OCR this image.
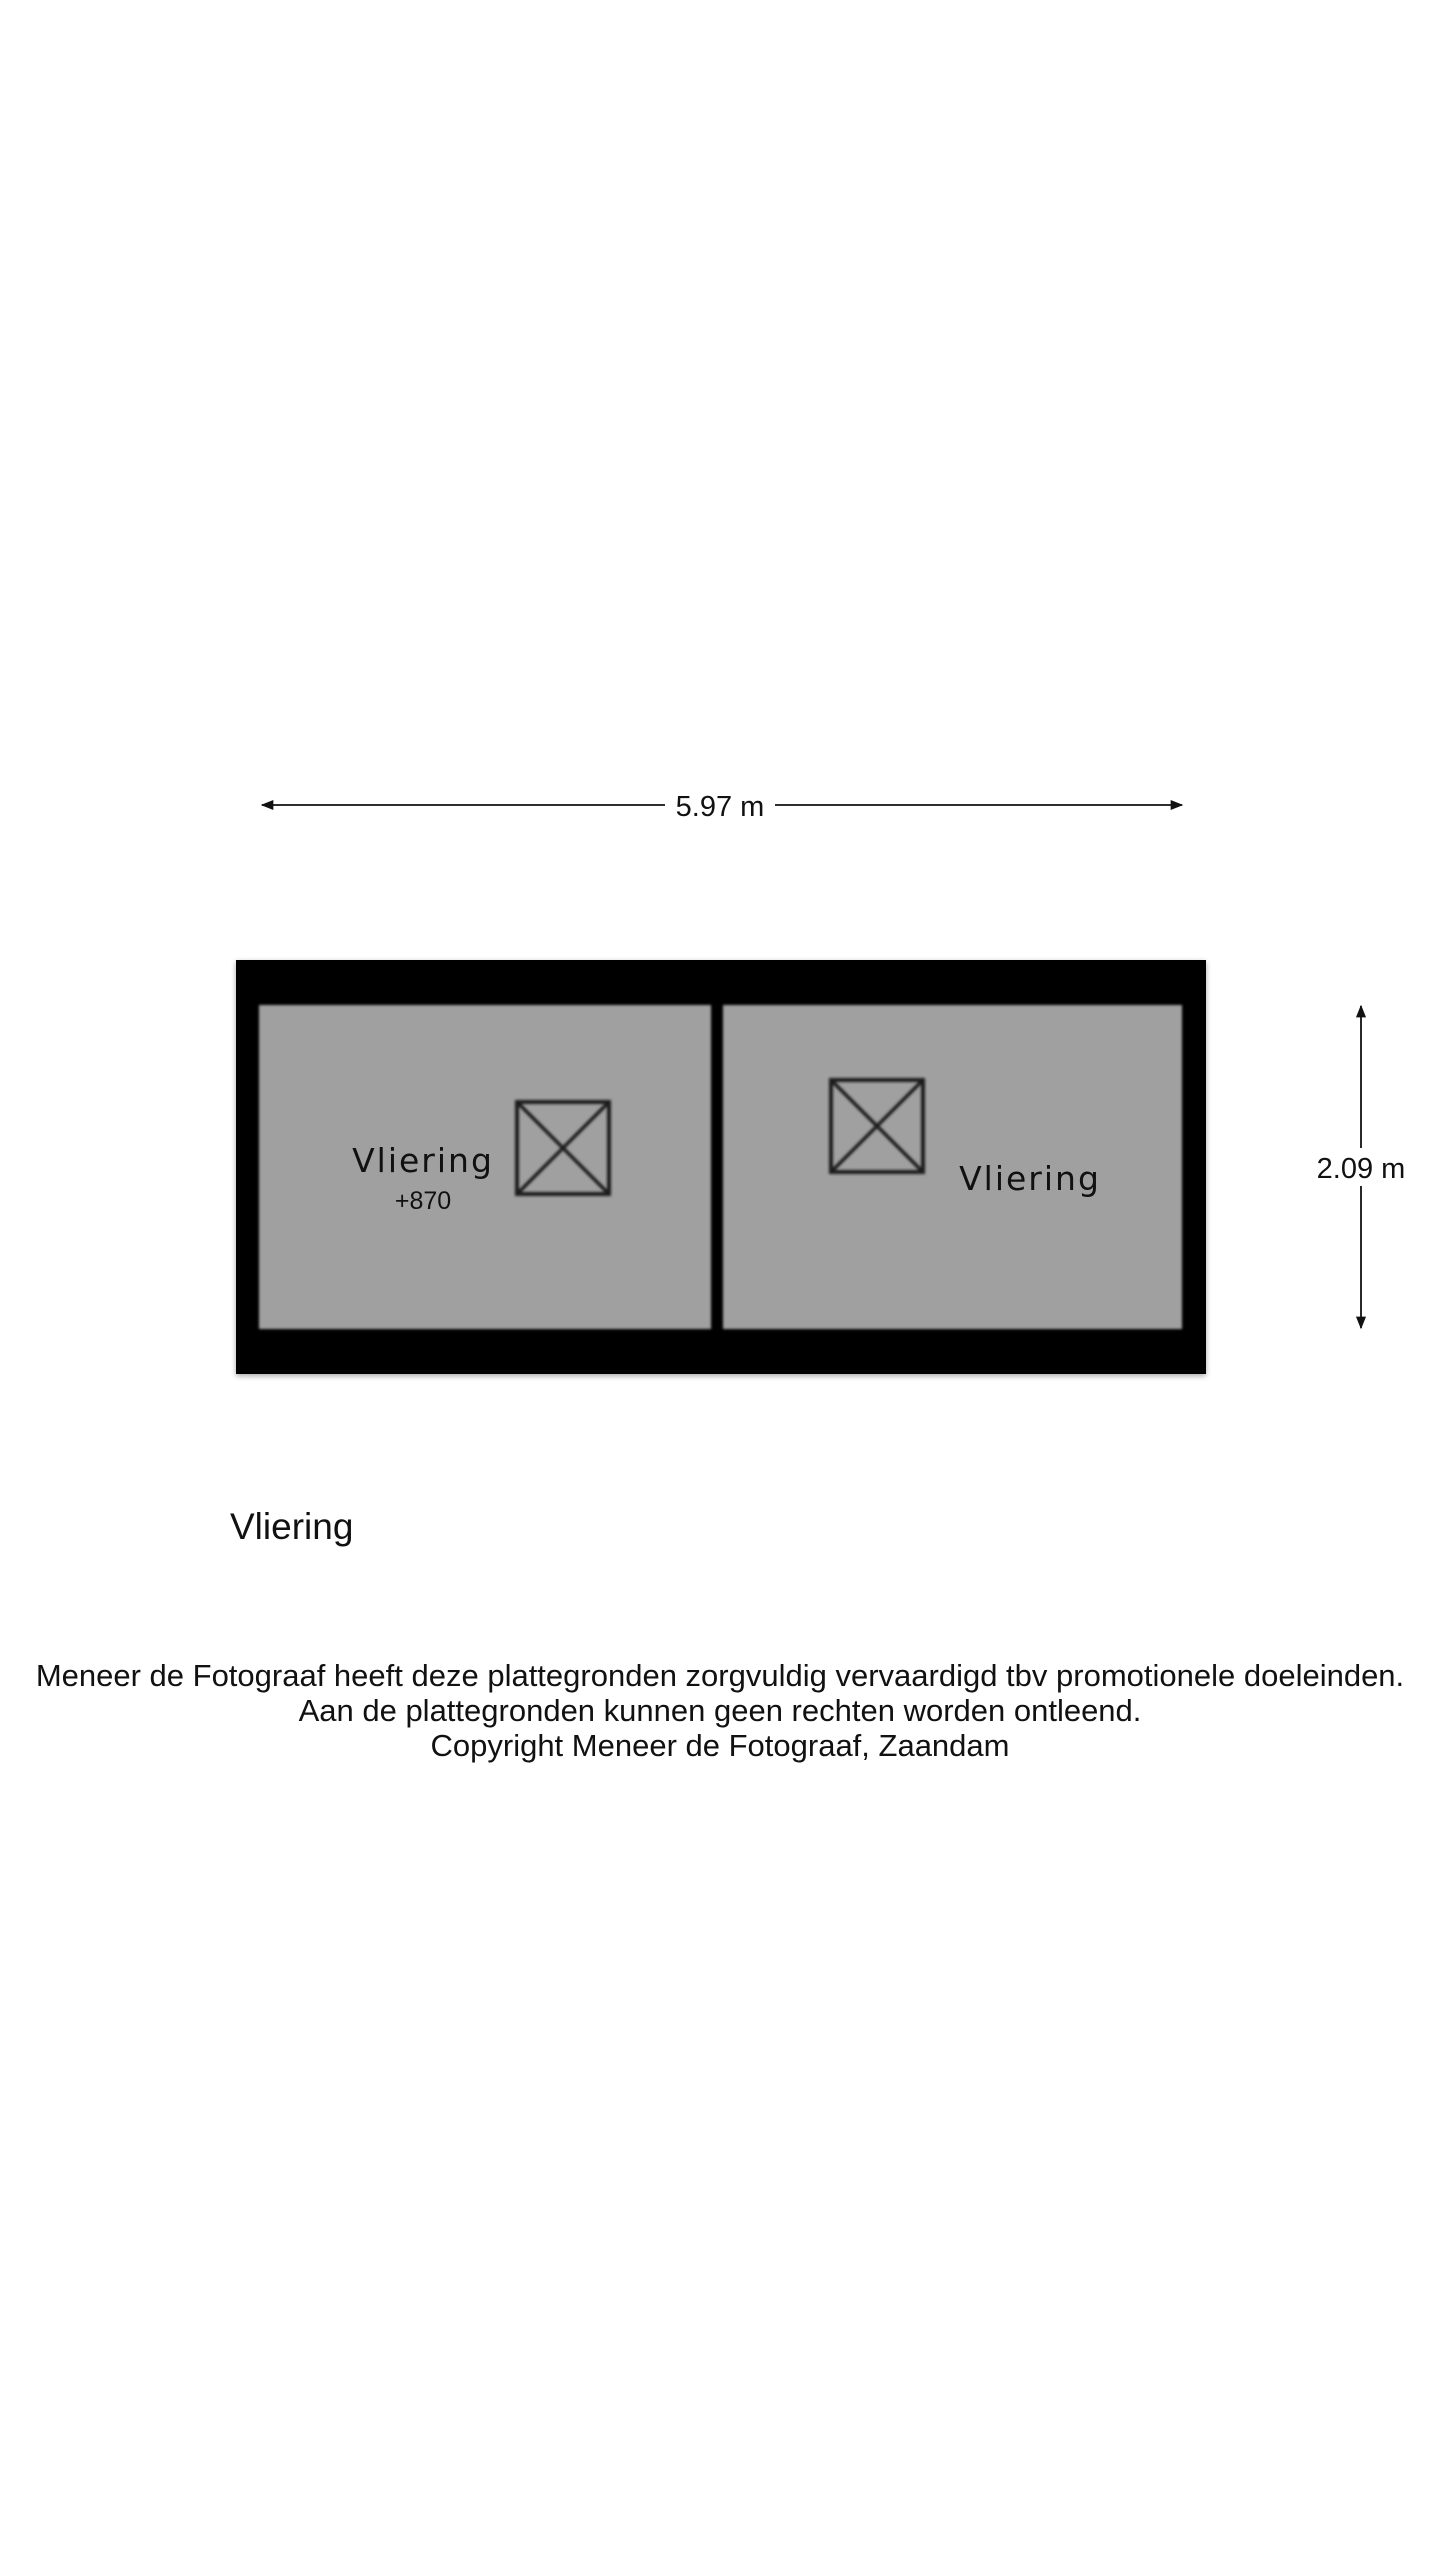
5.97 m
2.09 m
Vliering
+870
Vliering
Vliering

Meneer de Fotograaf heeft deze plattegronden zorgvuldig vervaardigd tbv promotionele doeleinden.

Aan de plattegronden kunnen geen rechten worden ontleend.

Copyright Meneer de Fotograaf, Zaandam
